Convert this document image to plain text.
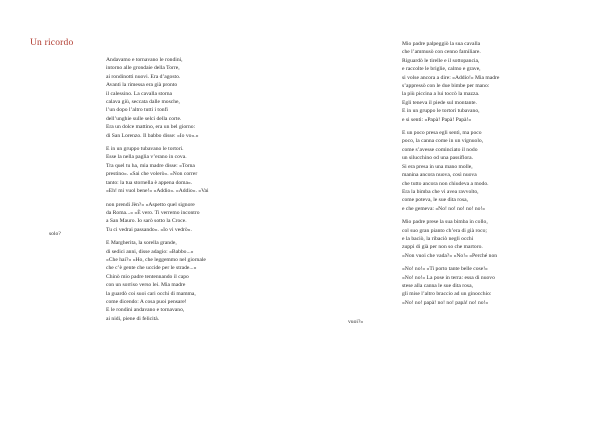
Un ricordo

solo?

Andavamo e tornavano le rondini,
intorno alle grondaie della Torre,
ai rondinotti nuovi. Era d’agosto.
Avanti la rimessa era già pronto
il calessino. La cavalla storna
calava giù, seccata dalle mosche,
l’un dopo l’altro tutti i tonfi
dell’unghie sulle selci della corte.
Era un dolce mattino, era un bel giorno:
di San Lorenzo. Il babbo disse: «Io vo».«
E in un gruppo tubavano le tortori.
Esse la nella paglia v’erano in cova.
Tra quel tu ha, mia madre disse: «Torna
prestino». «Sai che volerò». «Non correr
tanto: la tua stornella è appena doma».
«Eh! mi vuol bene!» «Addio». «Addio». «Vai
non prendi Jèn?» «Aspetto quel signore
da Roma...» «È vero. Ti verremo incontro
a San Mauro. Io sarò sotto la Croce.
Tu ci vedrai passando». «Io vi vedrò».
E Margherita, la sorella grande,
di sedici anni, disse adagio: «Babbo...»
«Che hai?» «Ho, che leggemmo nel giornale
che c’è gente che uccide per le strade...»
Chinò mio padre tentennando il capo
con un sorriso verso lei. Mia madre
la guardò coi suoi cari occhi di mamma,
come dicendo: A cosa puoi pensare!
E le rondini andavano e tornavano,
ai nidi, piene di felicità.

vuoi?»

Mio padre palpeggiò la sua cavalla
che l’ammusò con cenno familiare.
Riguardò le tirelle e il sottopancia,
e raccolte le briglie, calmo e grave,
si volse ancora a dire: «Addio!» Mia madre
s’appressò con le due bimbe per mano:
la più piccina a lui toccò la mazza.
Egli teneva il piede sul montante.
E in un gruppo le tortori tubavano,
e si sentì: «Papà! Papà! Papà!»
E un poco presa egli sentì, ma poco
poco, la canna come in un vignuolo,
come s’avesse cominciato il nodo
un silucchino od una passiflora.
Si era presa in una mano molle,
manina ancora nuova, così nuova
che tutto ancora non chiudeva a modo.
Era la bimba che vi avea ravvolto,
come poteva, le sue dita rosa,
e che gemeva: «No! no! no! no! no!»
Mio padre prese la sua bimba in collo,
col suo gran pianto ch’era di già roco;
e la baciò, la ribaciò negli occhi
zuppi di già per non so che martoro.
«Non vuoi che vada?» «No!» «Perché non
«No! no!» «Ti porto tante belle cose!»
«No! no!» La pose in terra: essa di nuovo
stese alla canna le sue dita rosa,
gli mise l’altro braccio ad un ginocchio:
«No! no! papà! no! no! papà! no! no!»
